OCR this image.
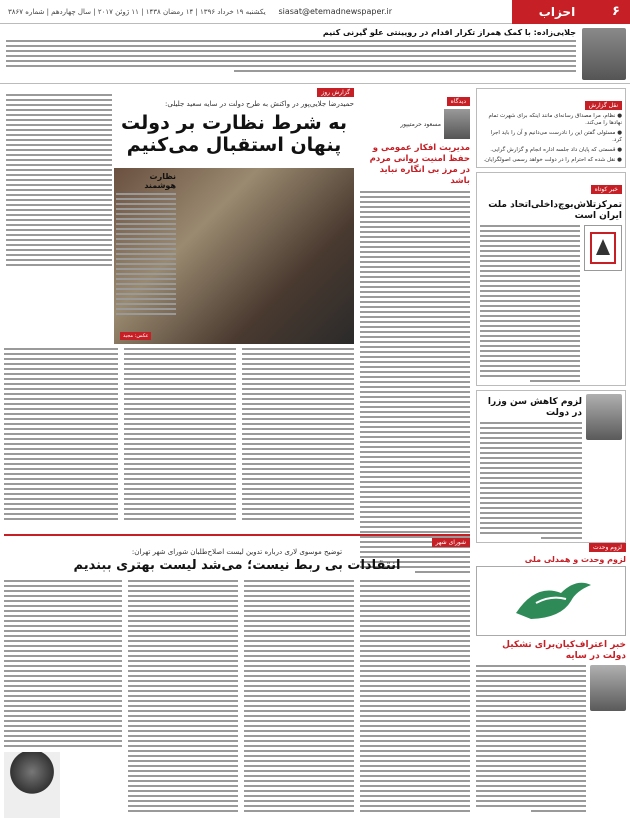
۶
احزاب
siasat@etemadnewspaper.ir
یکشنبه ۱۹ خرداد ۱۳۹۶ | ۱۴ رمضان ۱۴۳۸ | ۱۱ ژوئن ۲۰۱۷ | سال چهاردهم | شماره ۳۸۶۷
جلایی‌زاده: با کمک همراز تکرار اقدام در رویینتی علو گیرنی کنیم
نقل گزارش
● نظام، مرا مصداق رسانه‌ای مانند اینکه برای شهرت تمام نهادها را می‌کند.
● مسئولی گفتن این را نادرست می‌دانیم و آن را باید اجرا کرد.
● قسمتی که پایان داد جلسه اداره انجام و گزارش گرایی.
● نقل شده که احترام را در دولت خواهد رسمی اصولگرایان.
خبر کوتاه
تمرکزتلاش‌بوچ‌داخلی‌اتحاد ملت ایران است
لزوم کاهش سن وزرا در دولت
دیدگاه
مسعود حرمتیپور
مدیریت افکار عمومی و حفظ امنیت روانی مردم در مرز بی انگاره نباید باشد
گزارش روز
حمیدرضا جلایی‌پور در واکنش به طرح دولت در سایه سعید جلیلی:
به شرط نظارت بر دولت پنهان استقبال می‌کنیم
عکس: مجید
نظارت هوشمند
شورای شهر
توضیح موسوی لاری درباره تدوین لیست اصلاح‌طلبان شورای شهر تهران:
انتقادات بی ربط نیست؛ می‌شد لیست بهتری ببندیم
لزوم وحدت
لزوم وحدت و همدلی ملی
خبر اعتراف‌کیان‌برای تشکیل دولت در سایه
